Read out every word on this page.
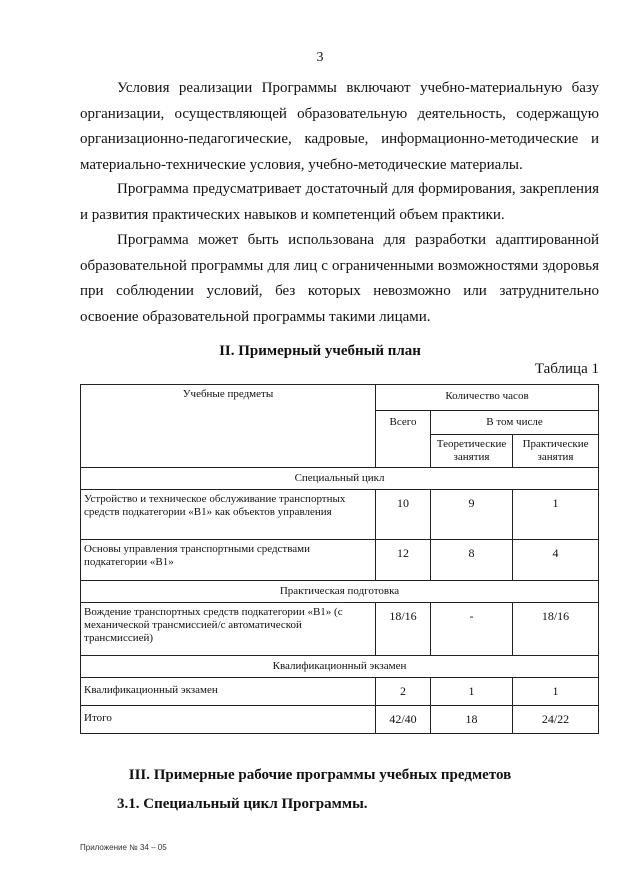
3

Условия реализации Программы включают учебно-материальную базу организации, осуществляющей образовательную деятельность, содержащую организационно-педагогические, кадровые, информационно-методические и материально-технические условия, учебно-методические материалы.

Программа предусматривает достаточный для формирования, закрепления и развития практических навыков и компетенций объем практики.

Программа может быть использована для разработки адаптированной образовательной программы для лиц с ограниченными возможностями здоровья при соблюдении условий, без которых невозможно или затруднительно освоение образовательной программы такими лицами.

II. Примерный учебный план
Таблица 1
Учебные предметы	Количество часов		
	Всего	В том числе	
		Теоретические занятия	Практические занятия
Специальный цикл			
Устройство и техническое обслуживание транспортных средств подкатегории «В1» как объектов управления	10	9	1
Основы управления транспортными средствами подкатегории «В1»	12	8	4
Практическая подготовка			
Вождение транспортных средств подкатегории «В1» (с механической трансмиссией/с автоматической трансмиссией)	18/16	-	18/16
Квалификационный экзамен			
Квалификационный экзамен	2	1	1
Итого	42/40	18	24/22
III. Примерные рабочие программы учебных предметов
3.1. Специальный цикл Программы.
Приложение № 34 – 05
